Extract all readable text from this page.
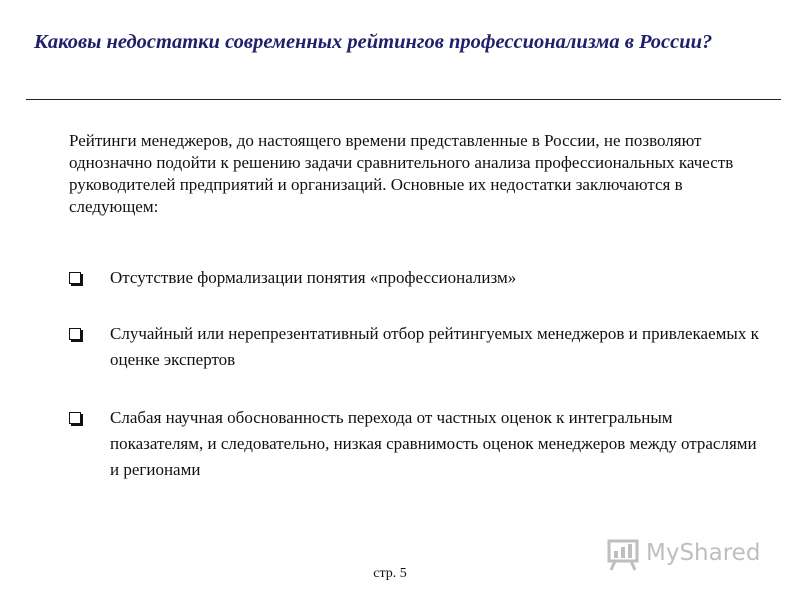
Каковы недостатки современных рейтингов профессионализма в России?

Рейтинги менеджеров, до настоящего времени представленные в России, не позволяют однозначно подойти к решению задачи сравнительного анализа профессиональных качеств руководителей предприятий и организаций. Основные их недостатки заключаются в следующем:

Отсутствие формализации понятия «профессионализм»
Случайный или нерепрезентативный отбор рейтингуемых менеджеров и привлекаемых к оценке экспертов
Слабая научная обоснованность перехода от частных оценок к интегральным показателям, и следовательно, низкая сравнимость оценок менеджеров между отраслями и регионами
стр. 5
MyShared
